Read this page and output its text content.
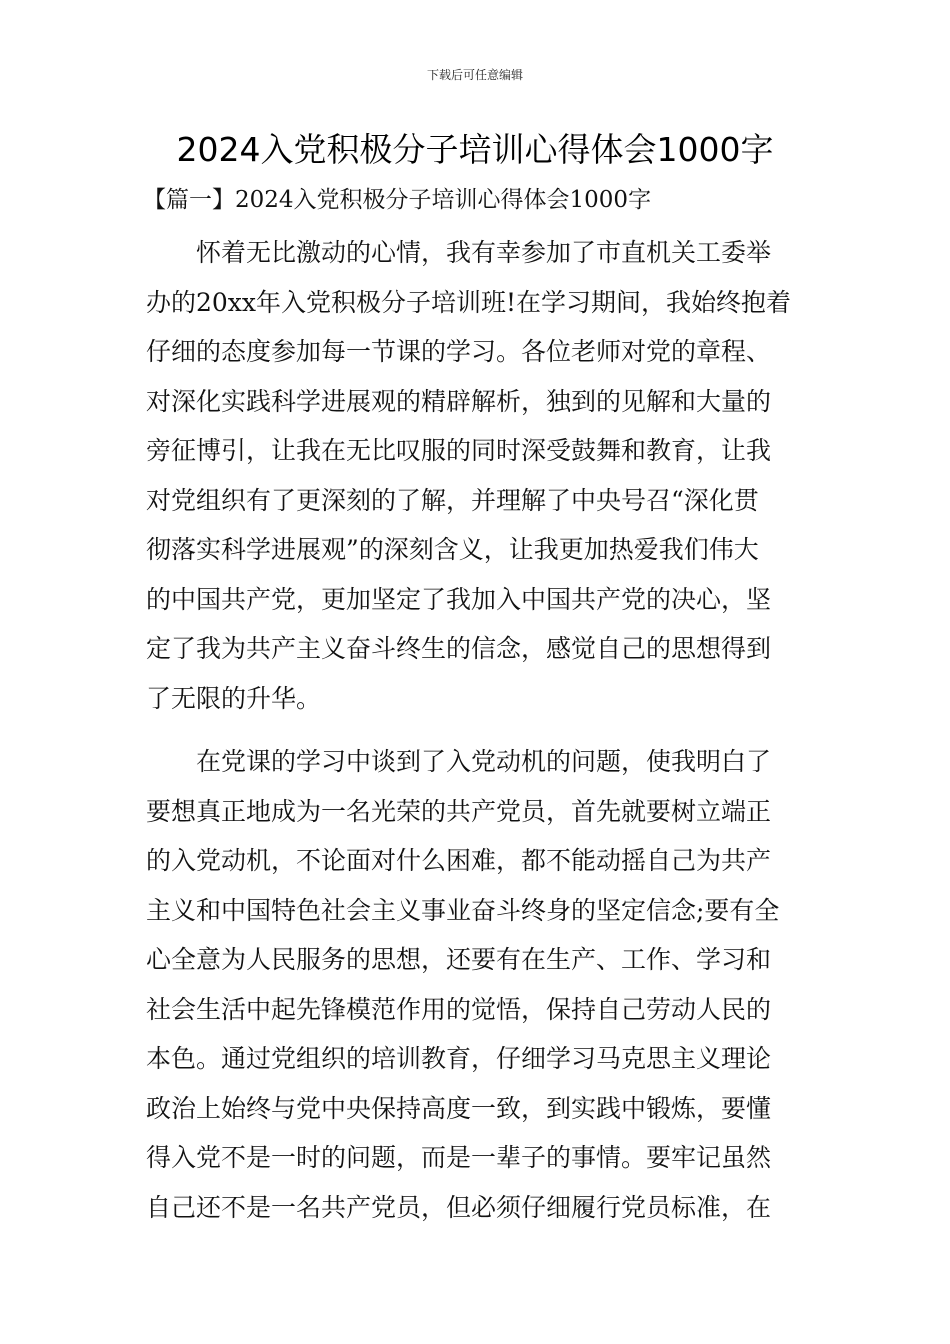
下载后可任意编辑
2024入党积极分子培训心得体会1000字
【篇一】2024入党积极分子培训心得体会1000字
怀着无比激动的心情，我有幸参加了市直机关工委举
办的20xx年入党积极分子培训班!在学习期间，我始终抱着
仔细的态度参加每一节课的学习。各位老师对党的章程、
对深化实践科学进展观的精辟解析，独到的见解和大量的
旁征博引，让我在无比叹服的同时深受鼓舞和教育，让我
对党组织有了更深刻的了解，并理解了中央号召“深化贯
彻落实科学进展观”的深刻含义，让我更加热爱我们伟大
的中国共产党，更加坚定了我加入中国共产党的决心，坚
定了我为共产主义奋斗终生的信念，感觉自己的思想得到
了无限的升华。
在党课的学习中谈到了入党动机的问题，使我明白了
要想真正地成为一名光荣的共产党员，首先就要树立端正
的入党动机，不论面对什么困难，都不能动摇自己为共产
主义和中国特色社会主义事业奋斗终身的坚定信念;要有全
心全意为人民服务的思想，还要有在生产、工作、学习和
社会生活中起先锋模范作用的觉悟，保持自己劳动人民的
本色。通过党组织的培训教育，仔细学习马克思主义理论
政治上始终与党中央保持高度一致，到实践中锻炼，要懂
得入党不是一时的问题，而是一辈子的事情。要牢记虽然
自己还不是一名共产党员，但必须仔细履行党员标准，在
